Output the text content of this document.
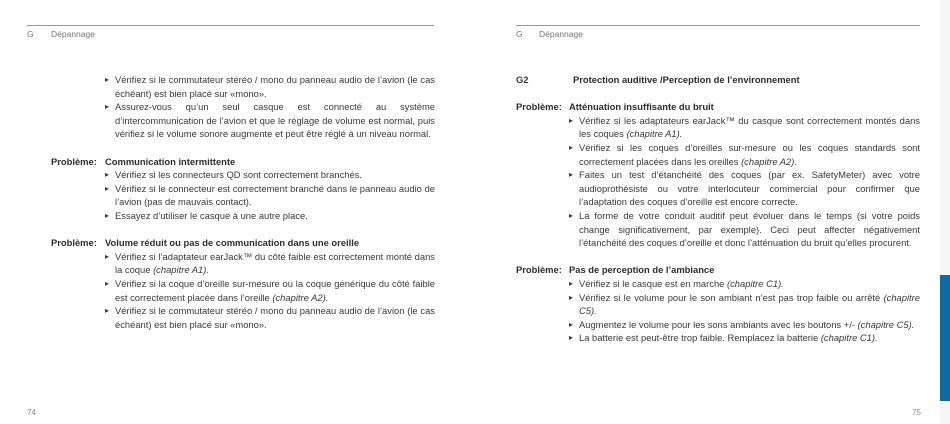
G Dépannage
▸ Vérifiez si le commutateur stéréo / mono du panneau audio de l’avion (le cas échéant) est bien placé sur «mono».
▸ Assurez-vous qu’un seul casque est connecté au système d’intercommunication de l’avion et que le réglage de volume est normal, puis vérifiez si le volume sonore augmente et peut être réglé à un niveau normal.
Problème: Communication intermittente
▸ Vérifiez si les connecteurs QD sont correctement branchés.
▸ Vérifiez si le connecteur est correctement branché dans le panneau audio de l’avion (pas de mauvais contact).
▸ Essayez d’utiliser le casque à une autre place.
Problème: Volume réduit ou pas de communication dans une oreille
▸ Vérifiez si l’adaptateur earJack™ du côté faible est correctement monté dans la coque (chapitre A1).
▸ Vérifiez si la coque d’oreille sur-mesure ou la coque générique du côté faible est correctement placée dans l’oreille (chapitre A2).
▸ Vérifiez si le commutateur stéréo / mono du panneau audio de l’avion (le cas échéant) est bien placé sur «mono».
74
G Dépannage
G2	Protection auditive /Perception de l’environnement
Problème: Atténuation insuffisante du bruit
▸ Vérifiez si les adaptateurs earJack™ du casque sont correctement montés dans les coques (chapitre A1).
▸ Vérifiez si les coques d’oreilles sur-mesure ou les coques standards sont correctement placées dans les oreilles (chapitre A2).
▸ Faites un test d’étanchéité des coques (par ex. SafetyMeter) avec votre audioprothésiste ou votre interlocuteur commercial pour confirmer que l’adaptation des coques d’oreille est encore correcte.
▸ La forme de votre conduit auditif peut évoluer dans le temps (si votre poids change significativement, par exemple). Ceci peut affecter négativement l’étanchéité des coques d’oreille et donc l’atténuation du bruit qu’elles procurent.
Problème: Pas de perception de l’ambiance
▸ Vérifiez si le casque est en marche (chapitre C1).
▸ Vérifiez si le volume pour le son ambiant n’est pas trop faible ou arrêté (chapitre C5).
▸ Augmentez le volume pour les sons ambiants avec les boutons +/- (chapitre C5).
▸ La batterie est peut-être trop faible. Remplacez la batterie (chapitre C1).
75
